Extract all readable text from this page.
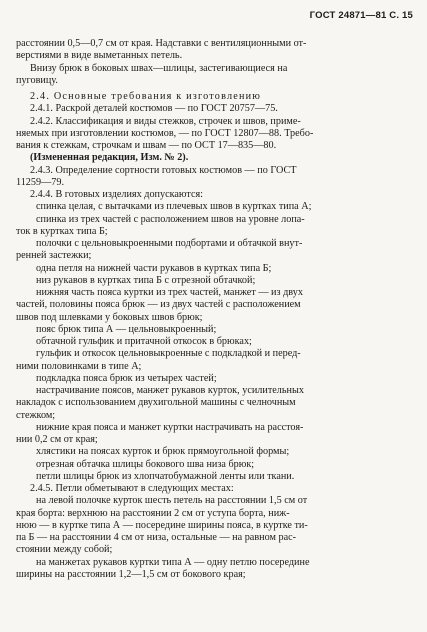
ГОСТ 24871—81 С. 15
расстоянии 0,5—0,7 см от края. Надставки с вентиляционными от-
верстиями в виде выметанных петель.
Внизу брюк в боковых швах—шлицы, застегивающиеся на
пуговицу.
2.4. Основные требования к изготовлению
2.4.1. Раскрой деталей костюмов — по ГОСТ 20757—75.
2.4.2. Классификация и виды стежков, строчек и швов, приме-
няемых при изготовлении костюмов, — по ГОСТ 12807—88. Требо-
вания к стежкам, строчкам и швам — по ОСТ 17—835—80.
(Измененная редакция, Изм. № 2).
2.4.3. Определение сортности готовых костюмов — по ГОСТ
11259—79.
2.4.4. В готовых изделиях допускаются:
спинка целая, с вытачками из плечевых швов в куртках типа А;
спинка из трех частей с расположением швов на уровне лопа-
ток в куртках типа Б;
полочки с цельновыкроенными подбортами и обтачкой внут-
ренней застежки;
одна петля на нижней части рукавов в куртках типа Б;
низ рукавов в куртках типа Б с отрезной обтачкой;
нижняя часть пояса куртки из трех частей, манжет — из двух
частей, половины пояса брюк — из двух частей с расположением
швов под шлевками у боковых швов брюк;
пояс брюк типа А — цельновыкроенный;
обтачной гульфик и притачной откосок в брюках;
гульфик и откосок цельновыкроенные с подкладкой и перед-
ними половинками в типе А;
подкладка пояса брюк из четырех частей;
настрачивание поясов, манжет рукавов курток, усилительных
накладок с использованием двухигольной машины с челночным
стежком;
нижние края пояса и манжет куртки настрачивать на расстоя-
нии 0,2 см от края;
хлястики на поясах курток и брюк прямоугольной формы;
отрезная обтачка шлицы бокового шва низа брюк;
петли шлицы брюк из хлопчатобумажной ленты или ткани.
2.4.5. Петли обметывают в следующих местах:
на левой полочке курток шесть петель на расстоянии 1,5 см от
края борта: верхнюю на расстоянии 2 см от уступа борта, ниж-
нюю — в куртке типа А — посередине ширины пояса, в куртке ти-
па Б — на расстоянии 4 см от низа, остальные — на равном рас-
стоянии между собой;
на манжетах рукавов куртки типа А — одну петлю посередине
ширины на расстоянии 1,2—1,5 см от бокового края;
